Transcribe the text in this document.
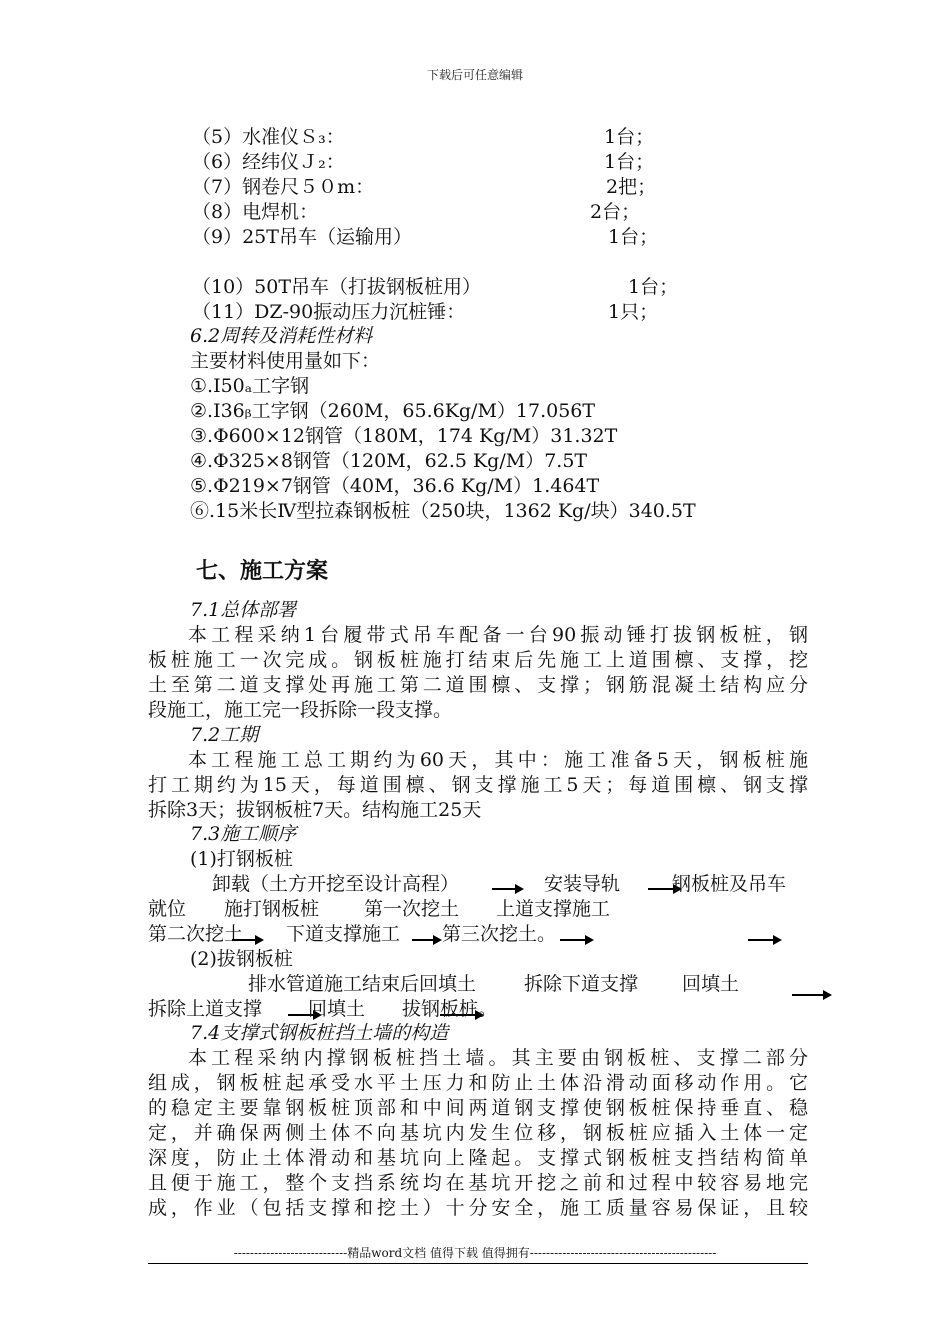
下载后可任意编辑
（5）水准仪Ｓ₃：	1台；
（6）经纬仪Ｊ₂：	1台；
（7）钢卷尺５０m：	2把；
（8）电焊机：	2台；
（9）25T吊车（运输用）	1台；
（10）50T吊车（打拔钢板桩用）	1台；
（11）DZ-90振动压力沉桩锤：	1只；
6.2周转及消耗性材料
主要材料使用量如下：
①.I50ₐ工字钢
②.I36ᵦ工字钢（260M，65.6Kg/M）17.056T
③.Φ600×12钢管（180M，174 Kg/M）31.32T
④.Φ325×8钢管（120M，62.5 Kg/M）7.5T
⑤.Φ219×7钢管（40M，36.6 Kg/M）1.464T
⑥.15米长Ⅳ型拉森钢板桩（250块，1362 Kg/块）340.5T
七、施工方案
7.1总体部署
本工程采纳1台履带式吊车配备一台90振动锤打拔钢板桩，钢
板桩施工一次完成。钢板桩施打结束后先施工上道围檩、支撑，挖
土至第二道支撑处再施工第二道围檩、支撑；钢筋混凝土结构应分
段施工，施工完一段拆除一段支撑。
7.2工期
本工程施工总工期约为60天，其中：施工准备5天，钢板桩施
打工期约为15天，每道围檩、钢支撑施工5天；每道围檩、钢支撑
拆除3天；拔钢板桩7天。结构施工25天
7.3施工顺序
(1)打钢板桩
卸载（土方开挖至设计高程）	安装导轨	钢板桩及吊车
就位 施打钢板桩 第一次挖土 上道支撑施工
第二次挖土 下道支撑施工 第三次挖土。
(2)拔钢板桩
排水管道施工结束后回填土	拆除下道支撑 回填土
拆除上道支撑 回填土 拔钢板桩。
7.4支撑式钢板桩挡土墙的构造
本工程采纳内撑钢板桩挡土墙。其主要由钢板桩、支撑二部分
组成，钢板桩起承受水平土压力和防止土体沿滑动面移动作用。它
的稳定主要靠钢板桩顶部和中间两道钢支撑使钢板桩保持垂直、稳
定，并确保两侧土体不向基坑内发生位移，钢板桩应插入土体一定
深度，防止土体滑动和基坑向上隆起。支撑式钢板桩支挡结构简单
且便于施工，整个支挡系统均在基坑开挖之前和过程中较容易地完
成，作业（包括支撑和挖土）十分安全，施工质量容易保证，且较
----------------------------精品word文档 值得下载 值得拥有----------------------------------------------
